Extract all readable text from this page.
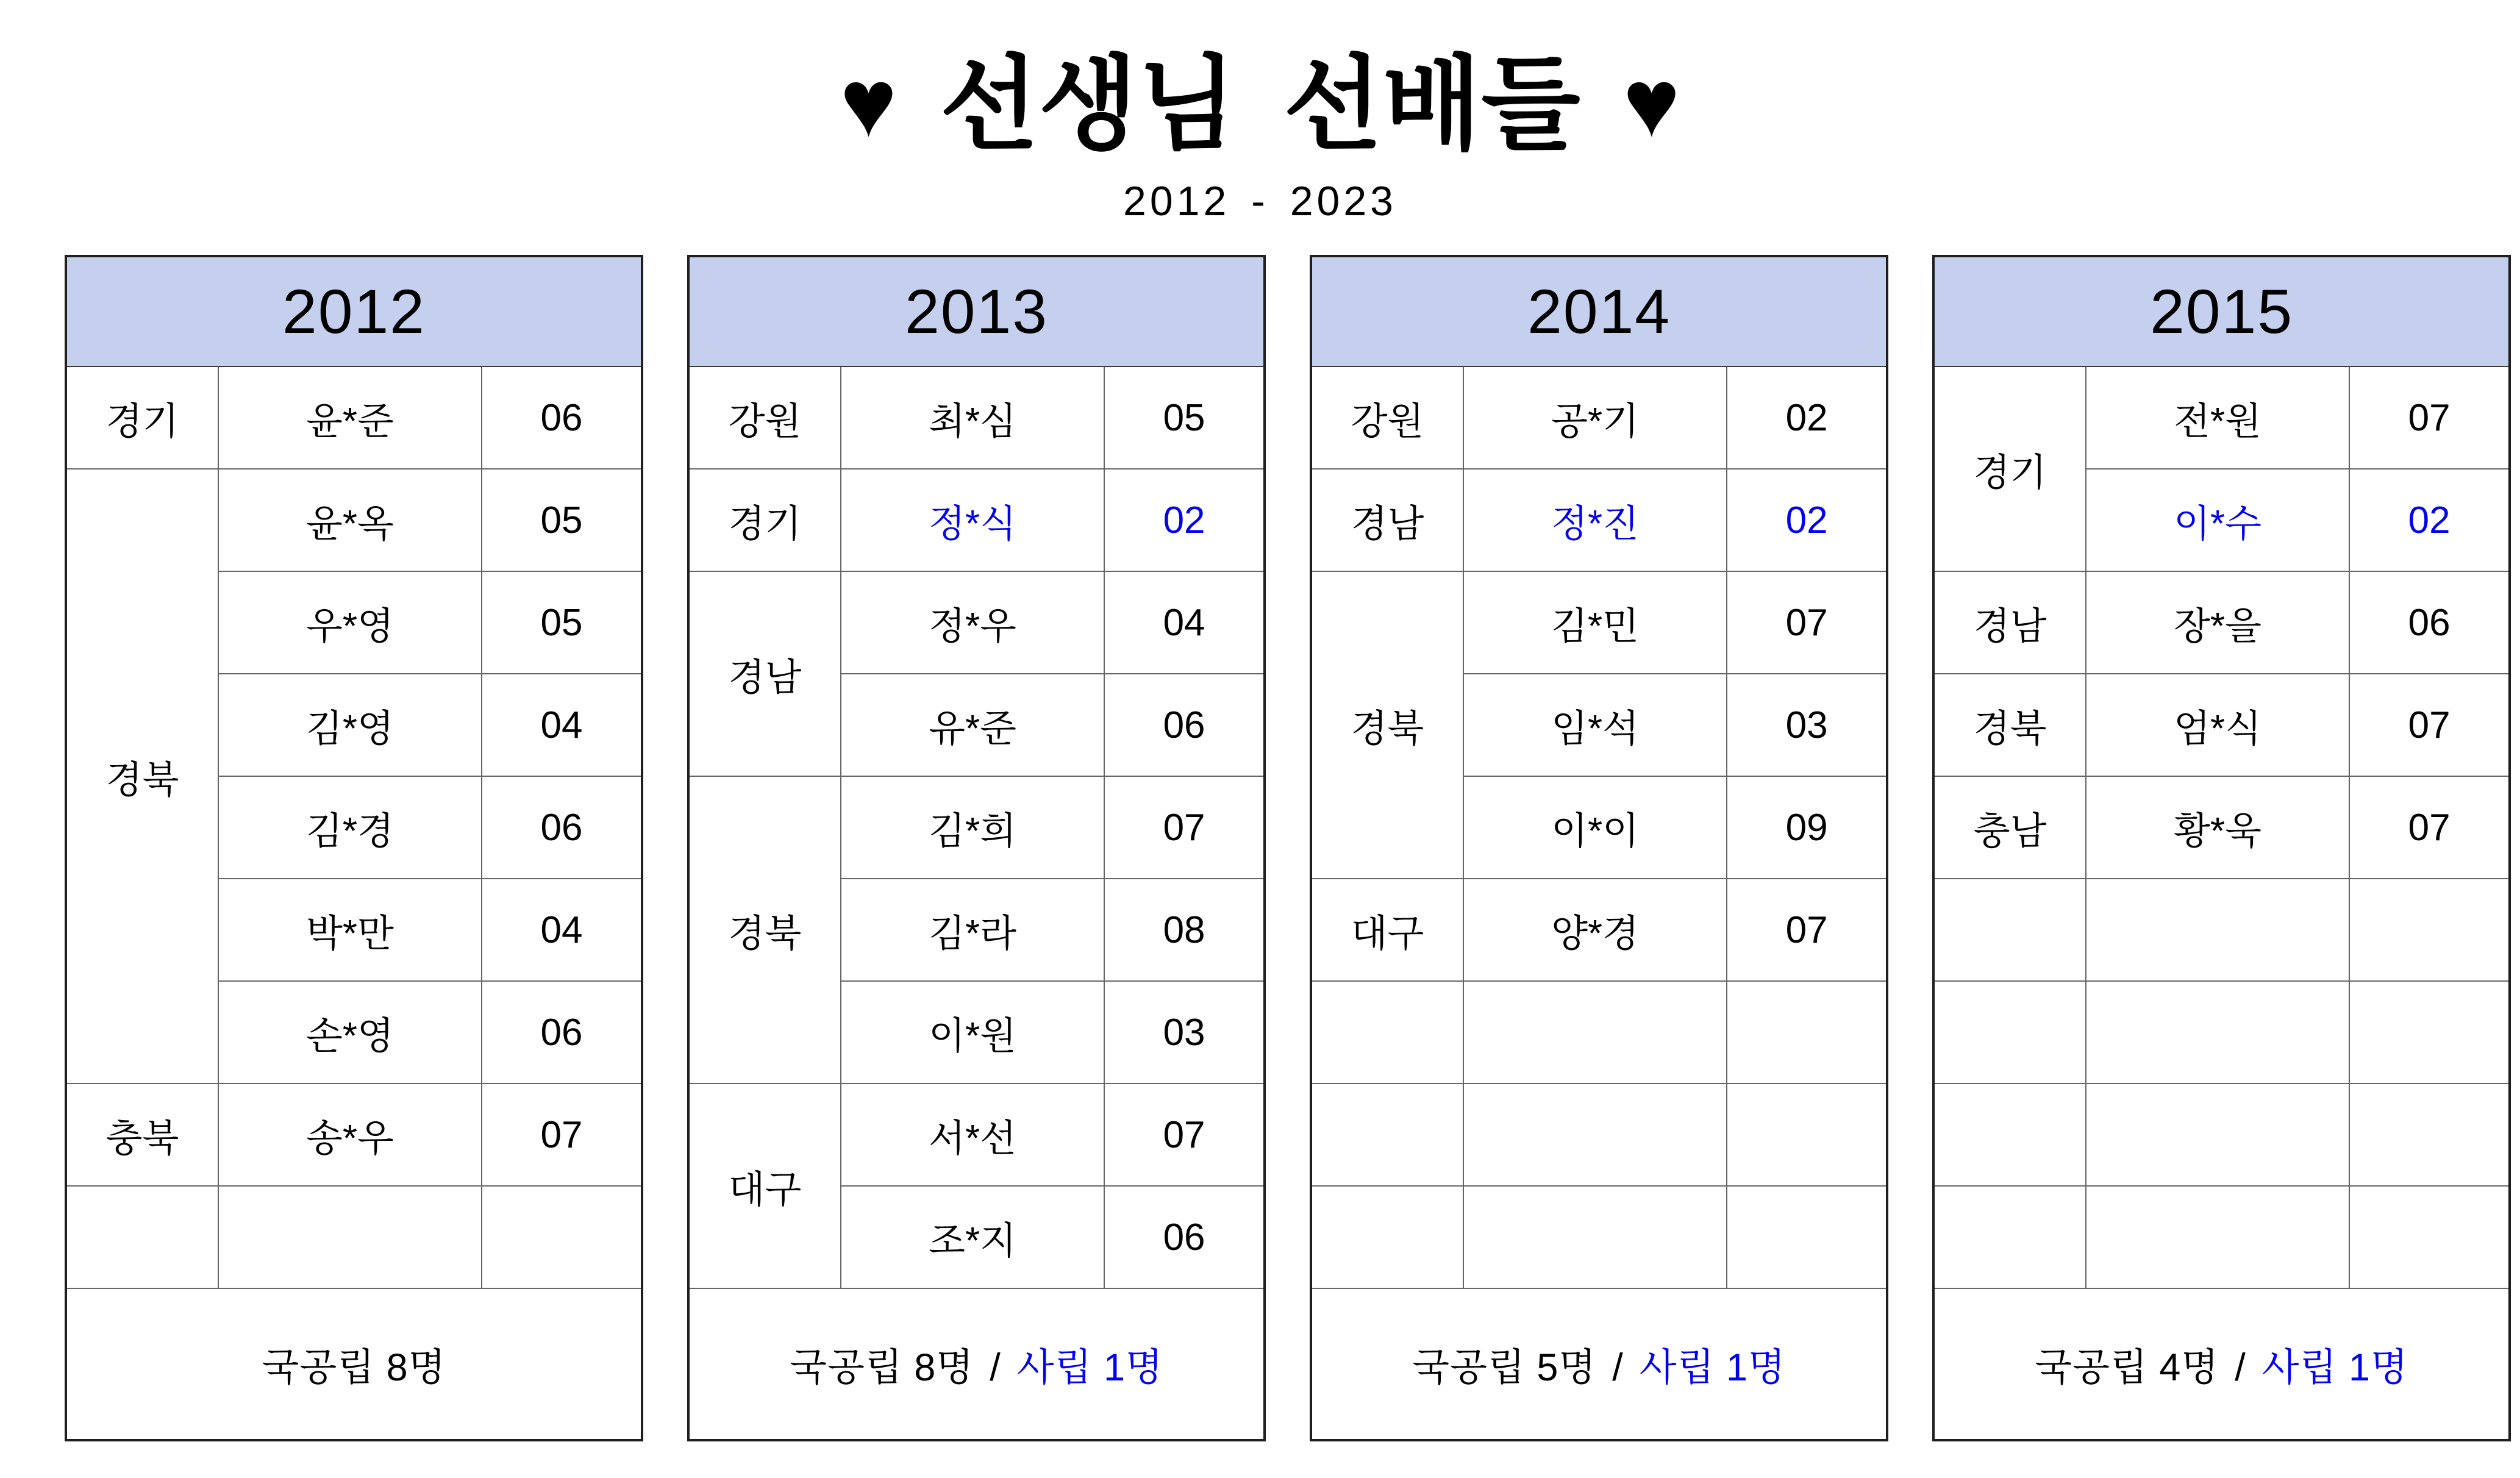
♥ 선생님 선배들 ♥
2012 - 2023
2012		
경기	윤*준	06
경북	윤*옥	05
	우*영	05
	김*영	04
	김*경	06
	박*만	04
	손*영	06
충북	송*우	07

국공립 8명		
2013		
강원	최*심	05
경기	정*식	02
경남	정*우	04
	유*준	06
경북	김*희	07
	김*라	08
	이*원	03
대구	서*선	07
	조*지	06
국공립 8명 / 사립 1명		
2014		
강원	공*기	02
경남	정*진	02
경북	김*민	07
	임*석	03
	이*이	09
대구	양*경	07

국공립 5명 / 사립 1명		
2015		
경기	전*원	07
	이*수	02
경남	장*을	06
경북	엄*식	07
충남	황*욱	07

국공립 4명 / 사립 1명		
